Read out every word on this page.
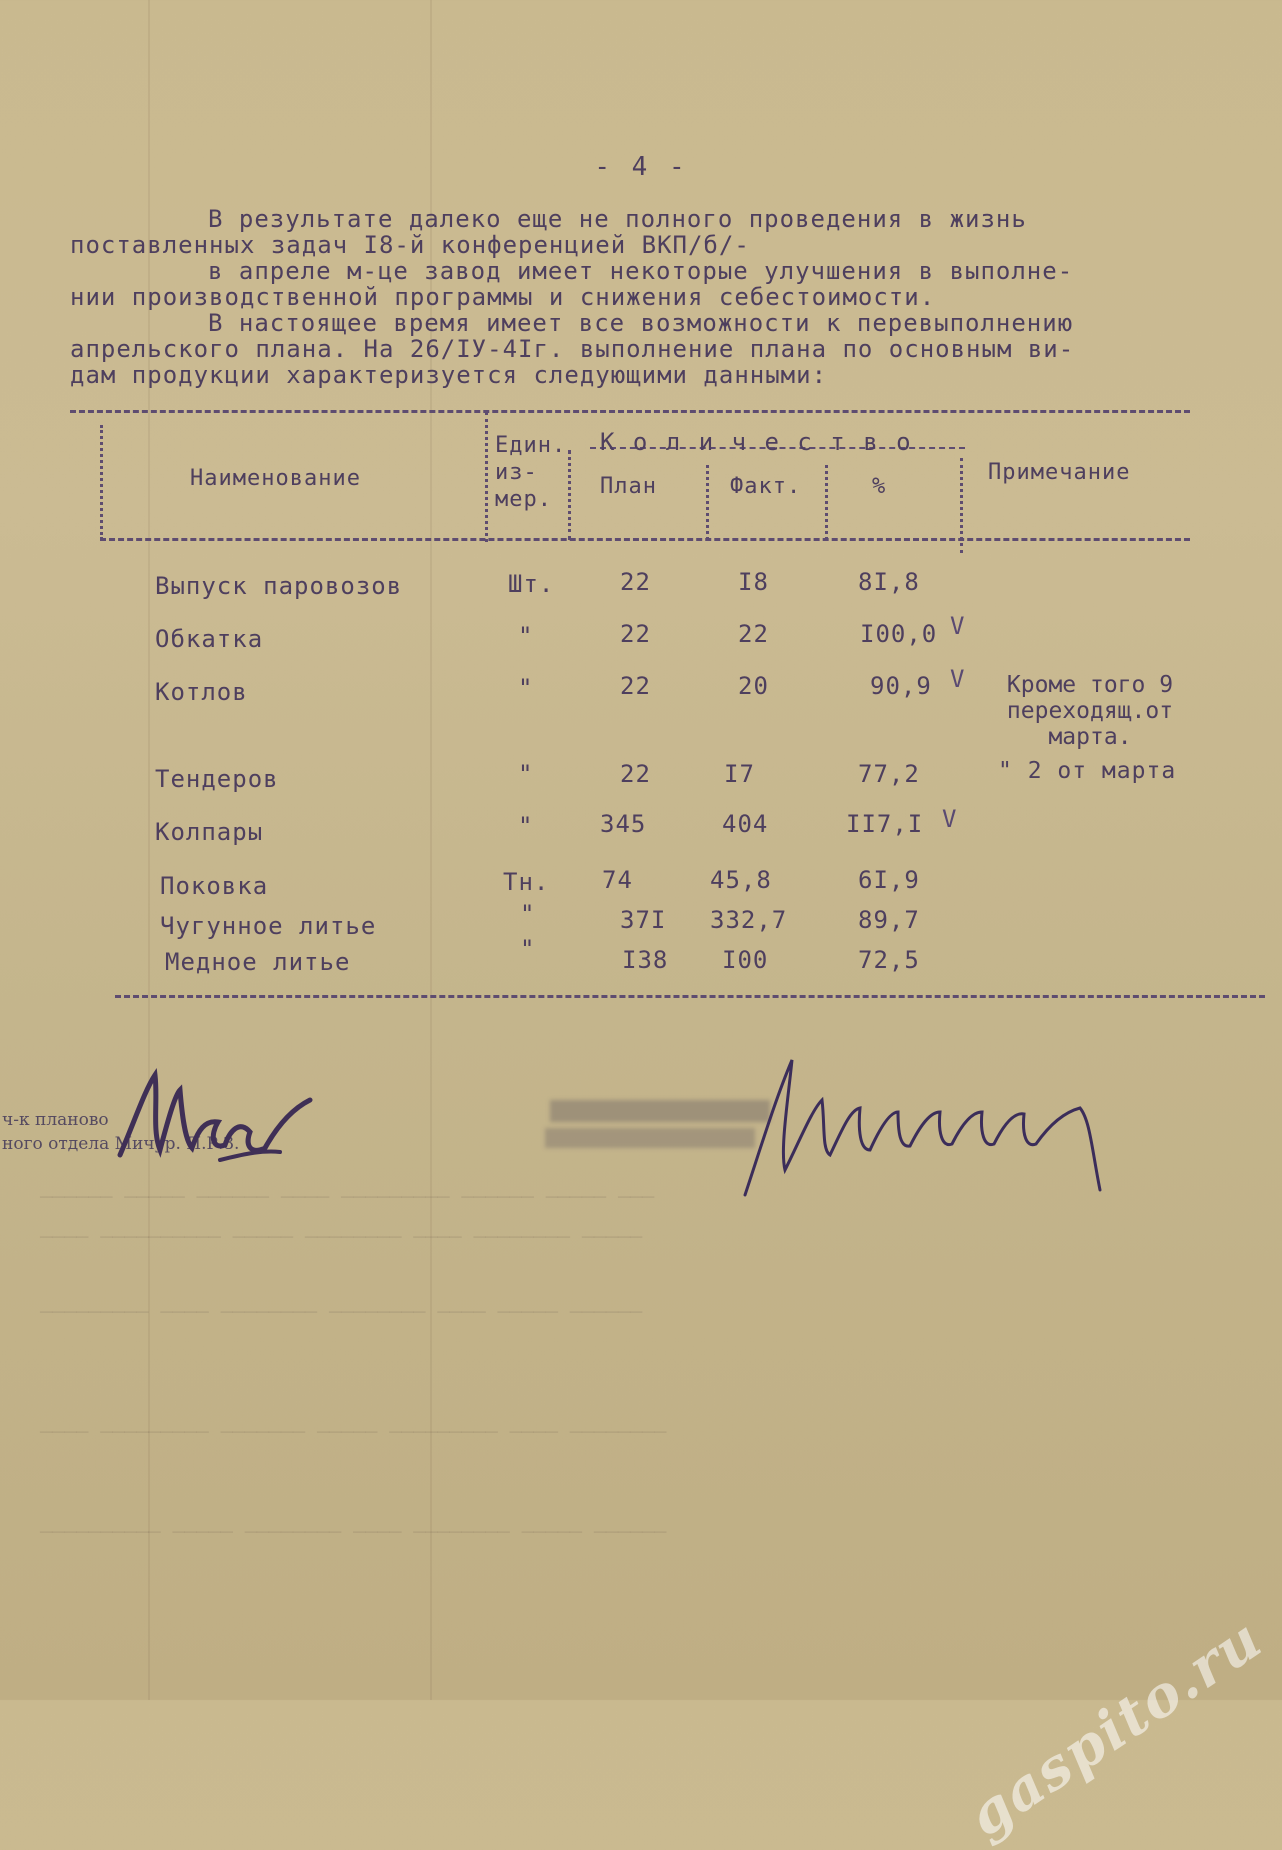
────── ───── ────── ──── ───────── ────── ───── ───
──── ────────── ───── ──────── ──── ──────── ─────
───────── ──── ──────── ──────── ──── ───── ──────
──── ───────── ─────── ───── ───────── ──── ────────
────────── ───── ──────── ──── ──────── ───── ──────
- 4 -
В результате далеко еще не полного проведения в жизнь
поставленных задач I8-й конференцией ВКП/б/-
в апреле м-це завод имеет некоторые улучшения в выполне-
нии производственной программы и снижения себестоимости.
В настоящее время имеет все возможности к перевыполнению
апрельского плана. На 26/IУ-4Iг. выполнение плана по основным ви-
дам продукции характеризуется следующими данными:
Наименование
Един.
из-
мер.
К о л и ч е с т в о
План	Факт.	%
Примечание
Выпуск паровозов	Шт.	22	I8	8I,8
Обкатка	"	22	22	I00,0 V
Котлов	"	22	20	90,9 V	Кроме того 9 переходящ.от марта.
Тендеров	"	22	I7	77,2	" 2 от марта
Колпары	"	345	404	II7,I V
Поковка	Тн. 74	45,8	6I,9
Чугунное литье	"	37I 332,7	89,7
Медное литье	"	I38 I00	72,5
ч-к планово
ного отдела Мичур. П.Р.З.
gaspito.ru
